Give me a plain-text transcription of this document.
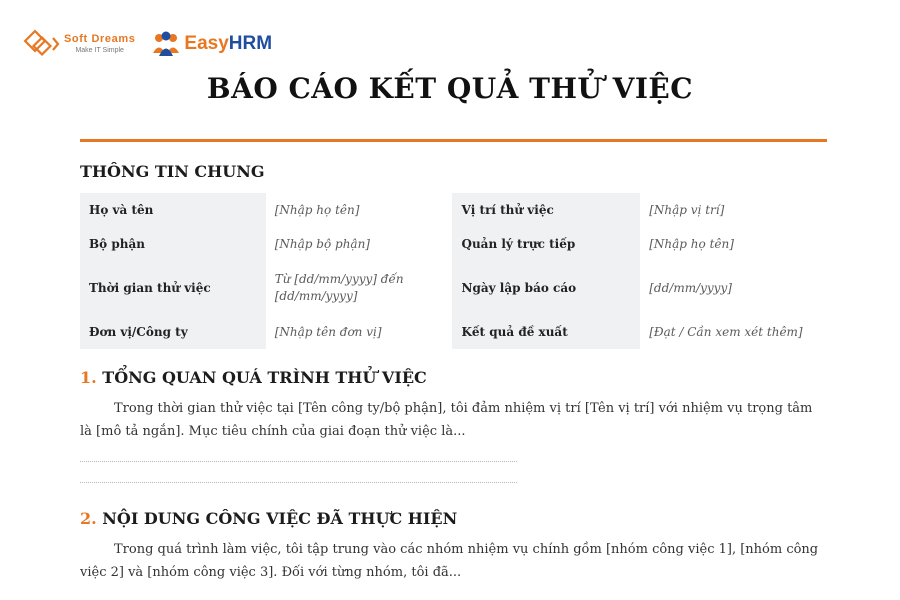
Soft Dreams
Make IT Simple	EasyHRM
BÁO CÁO KẾT QUẢ THỬ VIỆC
THÔNG TIN CHUNG
Họ và tên	[Nhập họ tên]	Vị trí thử việc	[Nhập vị trí]
Bộ phận	[Nhập bộ phận]	Quản lý trực tiếp	[Nhập họ tên]
Thời gian thử việc	Từ [dd/mm/yyyy] đến [dd/mm/yyyy]	Ngày lập báo cáo	[dd/mm/yyyy]
Đơn vị/Công ty	[Nhập tên đơn vị]	Kết quả đề xuất	[Đạt / Cần xem xét thêm]
1. TỔNG QUAN QUÁ TRÌNH THỬ VIỆC

Trong thời gian thử việc tại [Tên công ty/bộ phận], tôi đảm nhiệm vị trí [Tên vị trí] với nhiệm vụ trọng tâm là [mô tả ngắn]. Mục tiêu chính của giai đoạn thử việc là...

2. NỘI DUNG CÔNG VIỆC ĐÃ THỰC HIỆN

Trong quá trình làm việc, tôi tập trung vào các nhóm nhiệm vụ chính gồm [nhóm công việc 1], [nhóm công việc 2] và [nhóm công việc 3]. Đối với từng nhóm, tôi đã...
